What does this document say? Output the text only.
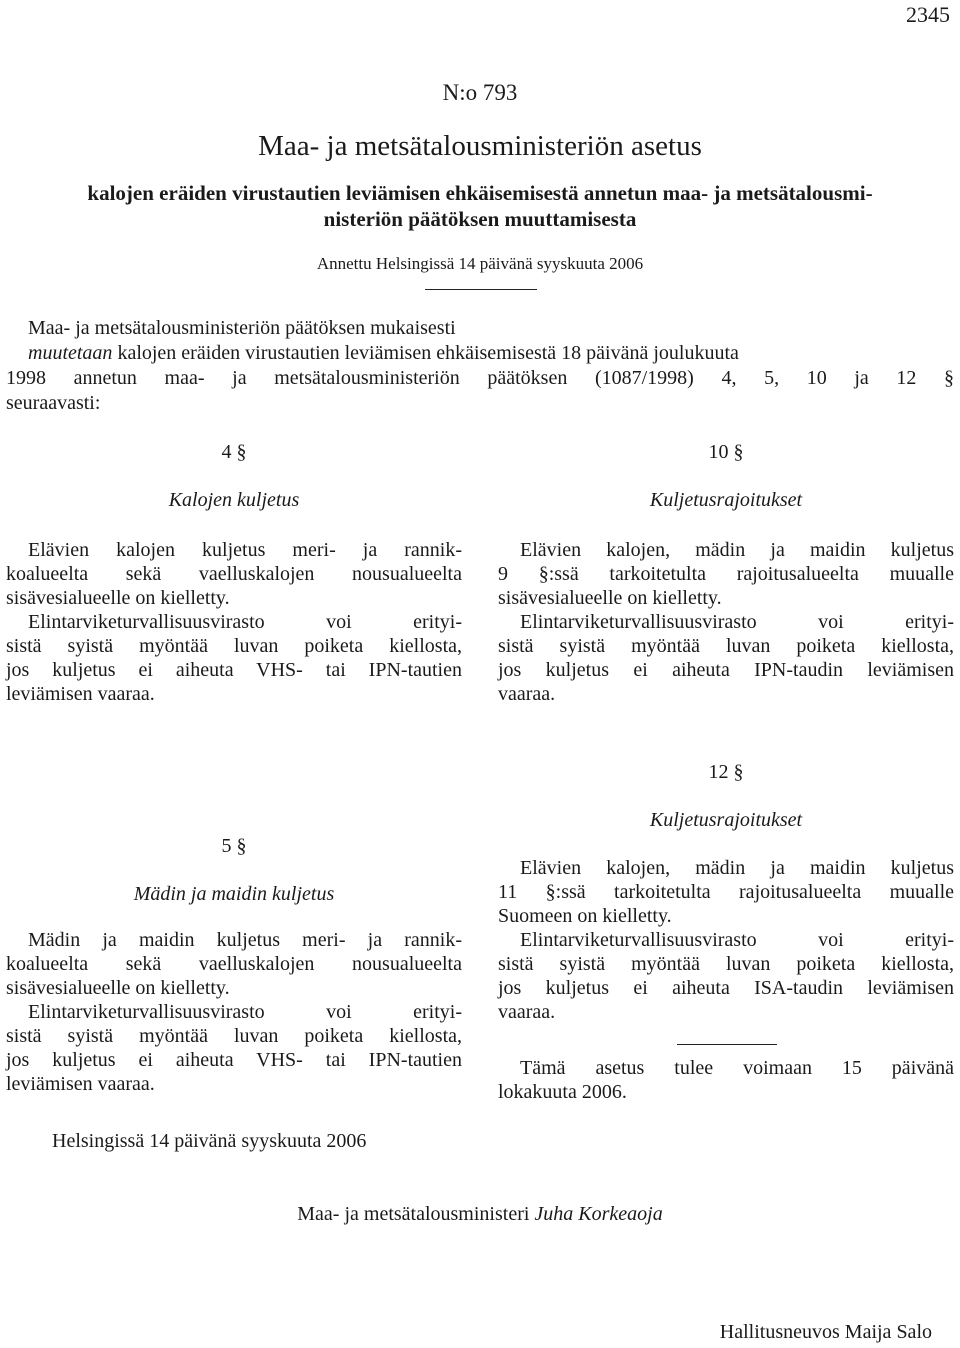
2345
N:o 793
Maa- ja metsätalousministeriön asetus
kalojen eräiden virustautien leviämisen ehkäisemisestä annetun maa- ja metsätalousmi-
nisteriön päätöksen muuttamisesta
Annettu Helsingissä 14 päivänä syyskuuta 2006

Maa- ja metsätalousministeriön päätöksen mukaisesti

muutetaan kalojen eräiden virustautien leviämisen ehkäisemisestä 18 päivänä joulukuuta

1998 annetun maa- ja metsätalousministeriön päätöksen (1087/1998) 4, 5, 10 ja 12 §

seuraavasti:

4 §

Kalojen kuljetus

Elävien kalojen kuljetus meri- ja rannik-
koalueelta sekä vaelluskalojen nousualueelta
sisävesialueelle on kielletty.
Elintarviketurvallisuusvirasto voi erityi-
sistä syistä myöntää luvan poiketa kiellosta,
jos kuljetus ei aiheuta VHS- tai IPN-tautien
leviämisen vaaraa.

10 §

Kuljetusrajoitukset

Elävien kalojen, mädin ja maidin kuljetus
9 §:ssä tarkoitetulta rajoitusalueelta muualle
sisävesialueelle on kielletty.
Elintarviketurvallisuusvirasto voi erityi-
sistä syistä myöntää luvan poiketa kiellosta,
jos kuljetus ei aiheuta IPN-taudin leviämisen
vaaraa.

5 §

Mädin ja maidin kuljetus

Mädin ja maidin kuljetus meri- ja rannik-
koalueelta sekä vaelluskalojen nousualueelta
sisävesialueelle on kielletty.
Elintarviketurvallisuusvirasto voi erityi-
sistä syistä myöntää luvan poiketa kiellosta,
jos kuljetus ei aiheuta VHS- tai IPN-tautien
leviämisen vaaraa.

12 §

Kuljetusrajoitukset

Elävien kalojen, mädin ja maidin kuljetus
11 §:ssä tarkoitetulta rajoitusalueelta muualle
Suomeen on kielletty.
Elintarviketurvallisuusvirasto voi erityi-
sistä syistä myöntää luvan poiketa kiellosta,
jos kuljetus ei aiheuta ISA-taudin leviämisen
vaaraa.
Tämä asetus tulee voimaan 15 päivänä
lokakuuta 2006.
Helsingissä 14 päivänä syyskuuta 2006
Maa- ja metsätalousministeri Juha Korkeaoja
Hallitusneuvos Maija Salo
